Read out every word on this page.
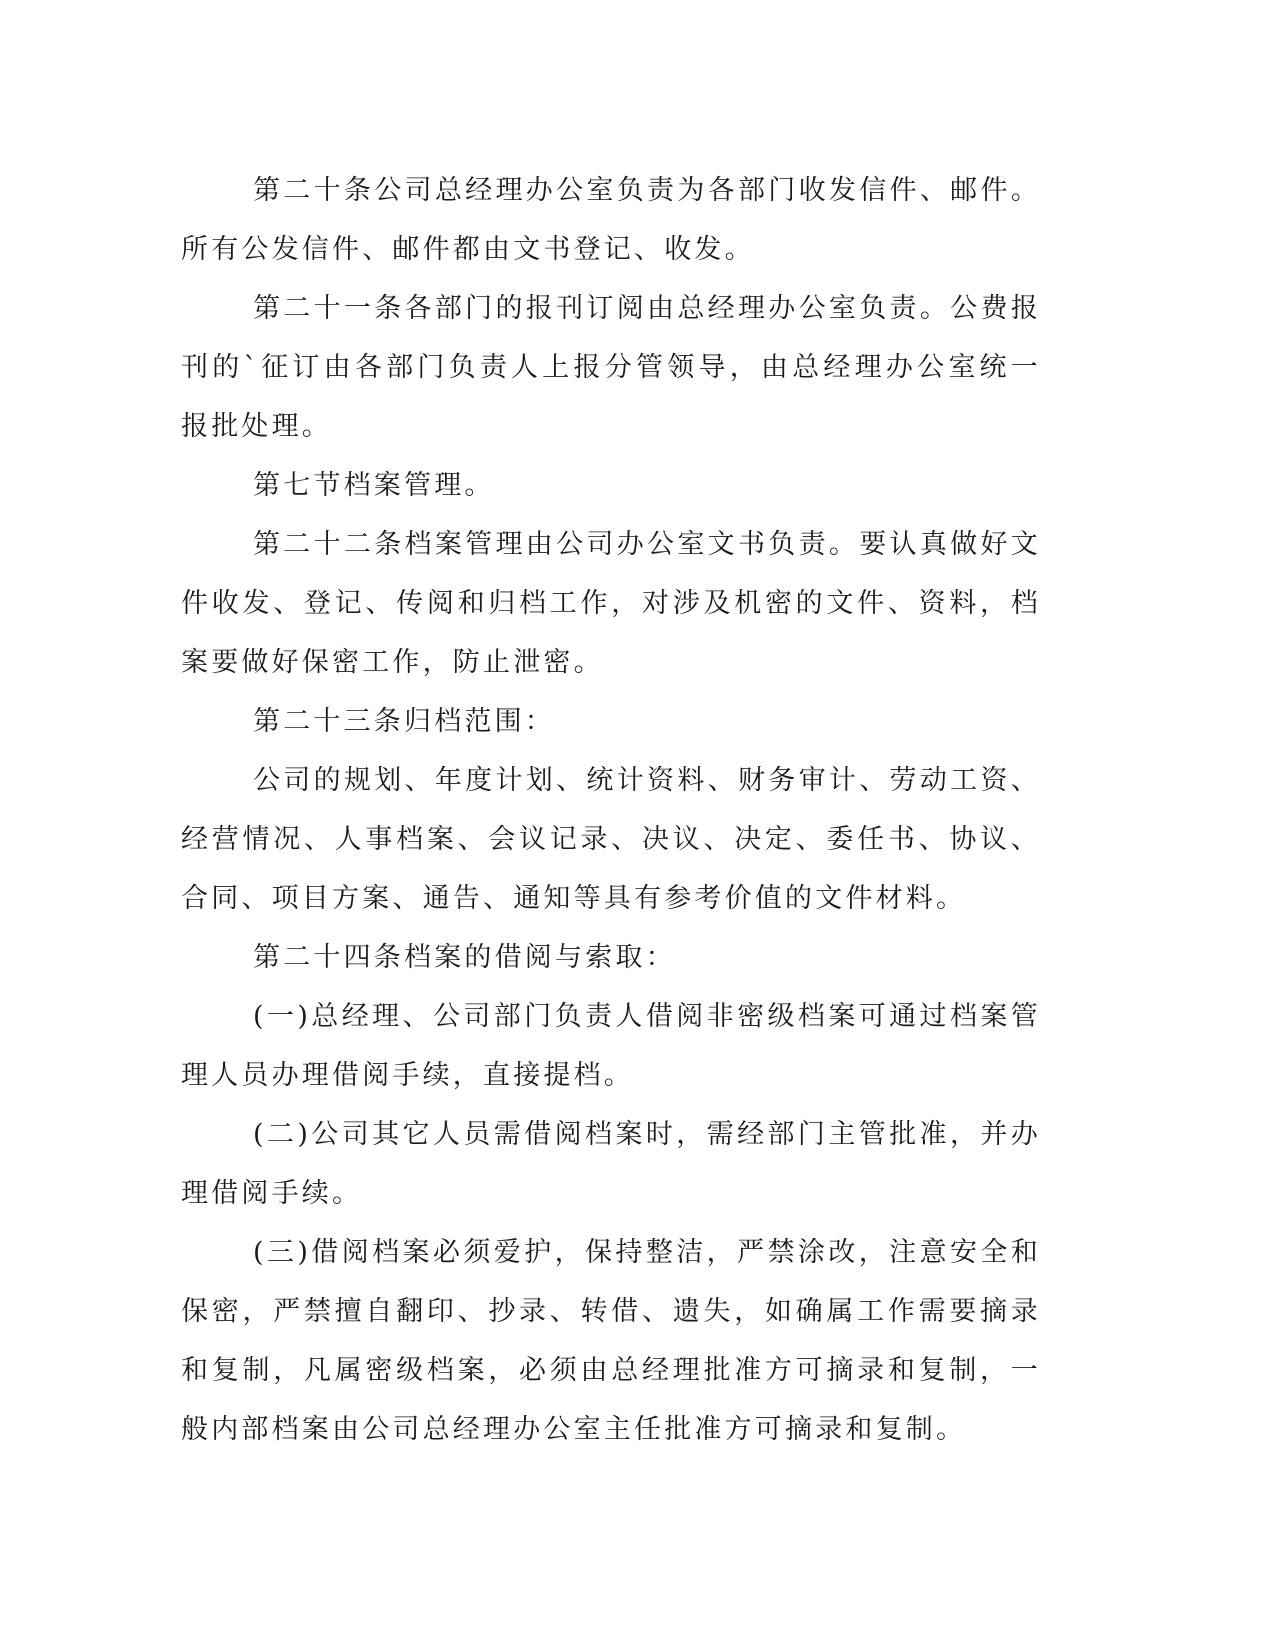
第二十条公司总经理办公室负责为各部门收发信件、邮件。所有公发信件、邮件都由文书登记、收发。

第二十一条各部门的报刊订阅由总经理办公室负责。公费报刊的`征订由各部门负责人上报分管领导，由总经理办公室统一报批处理。

第七节档案管理。

第二十二条档案管理由公司办公室文书负责。要认真做好文件收发、登记、传阅和归档工作，对涉及机密的文件、资料，档案要做好保密工作，防止泄密。

第二十三条归档范围：

公司的规划、年度计划、统计资料、财务审计、劳动工资、经营情况、人事档案、会议记录、决议、决定、委任书、协议、合同、项目方案、通告、通知等具有参考价值的文件材料。

第二十四条档案的借阅与索取：

(一)总经理、公司部门负责人借阅非密级档案可通过档案管理人员办理借阅手续，直接提档。

(二)公司其它人员需借阅档案时，需经部门主管批准，并办理借阅手续。

(三)借阅档案必须爱护，保持整洁，严禁涂改，注意安全和保密，严禁擅自翻印、抄录、转借、遗失，如确属工作需要摘录和复制，凡属密级档案，必须由总经理批准方可摘录和复制，一般内部档案由公司总经理办公室主任批准方可摘录和复制。
